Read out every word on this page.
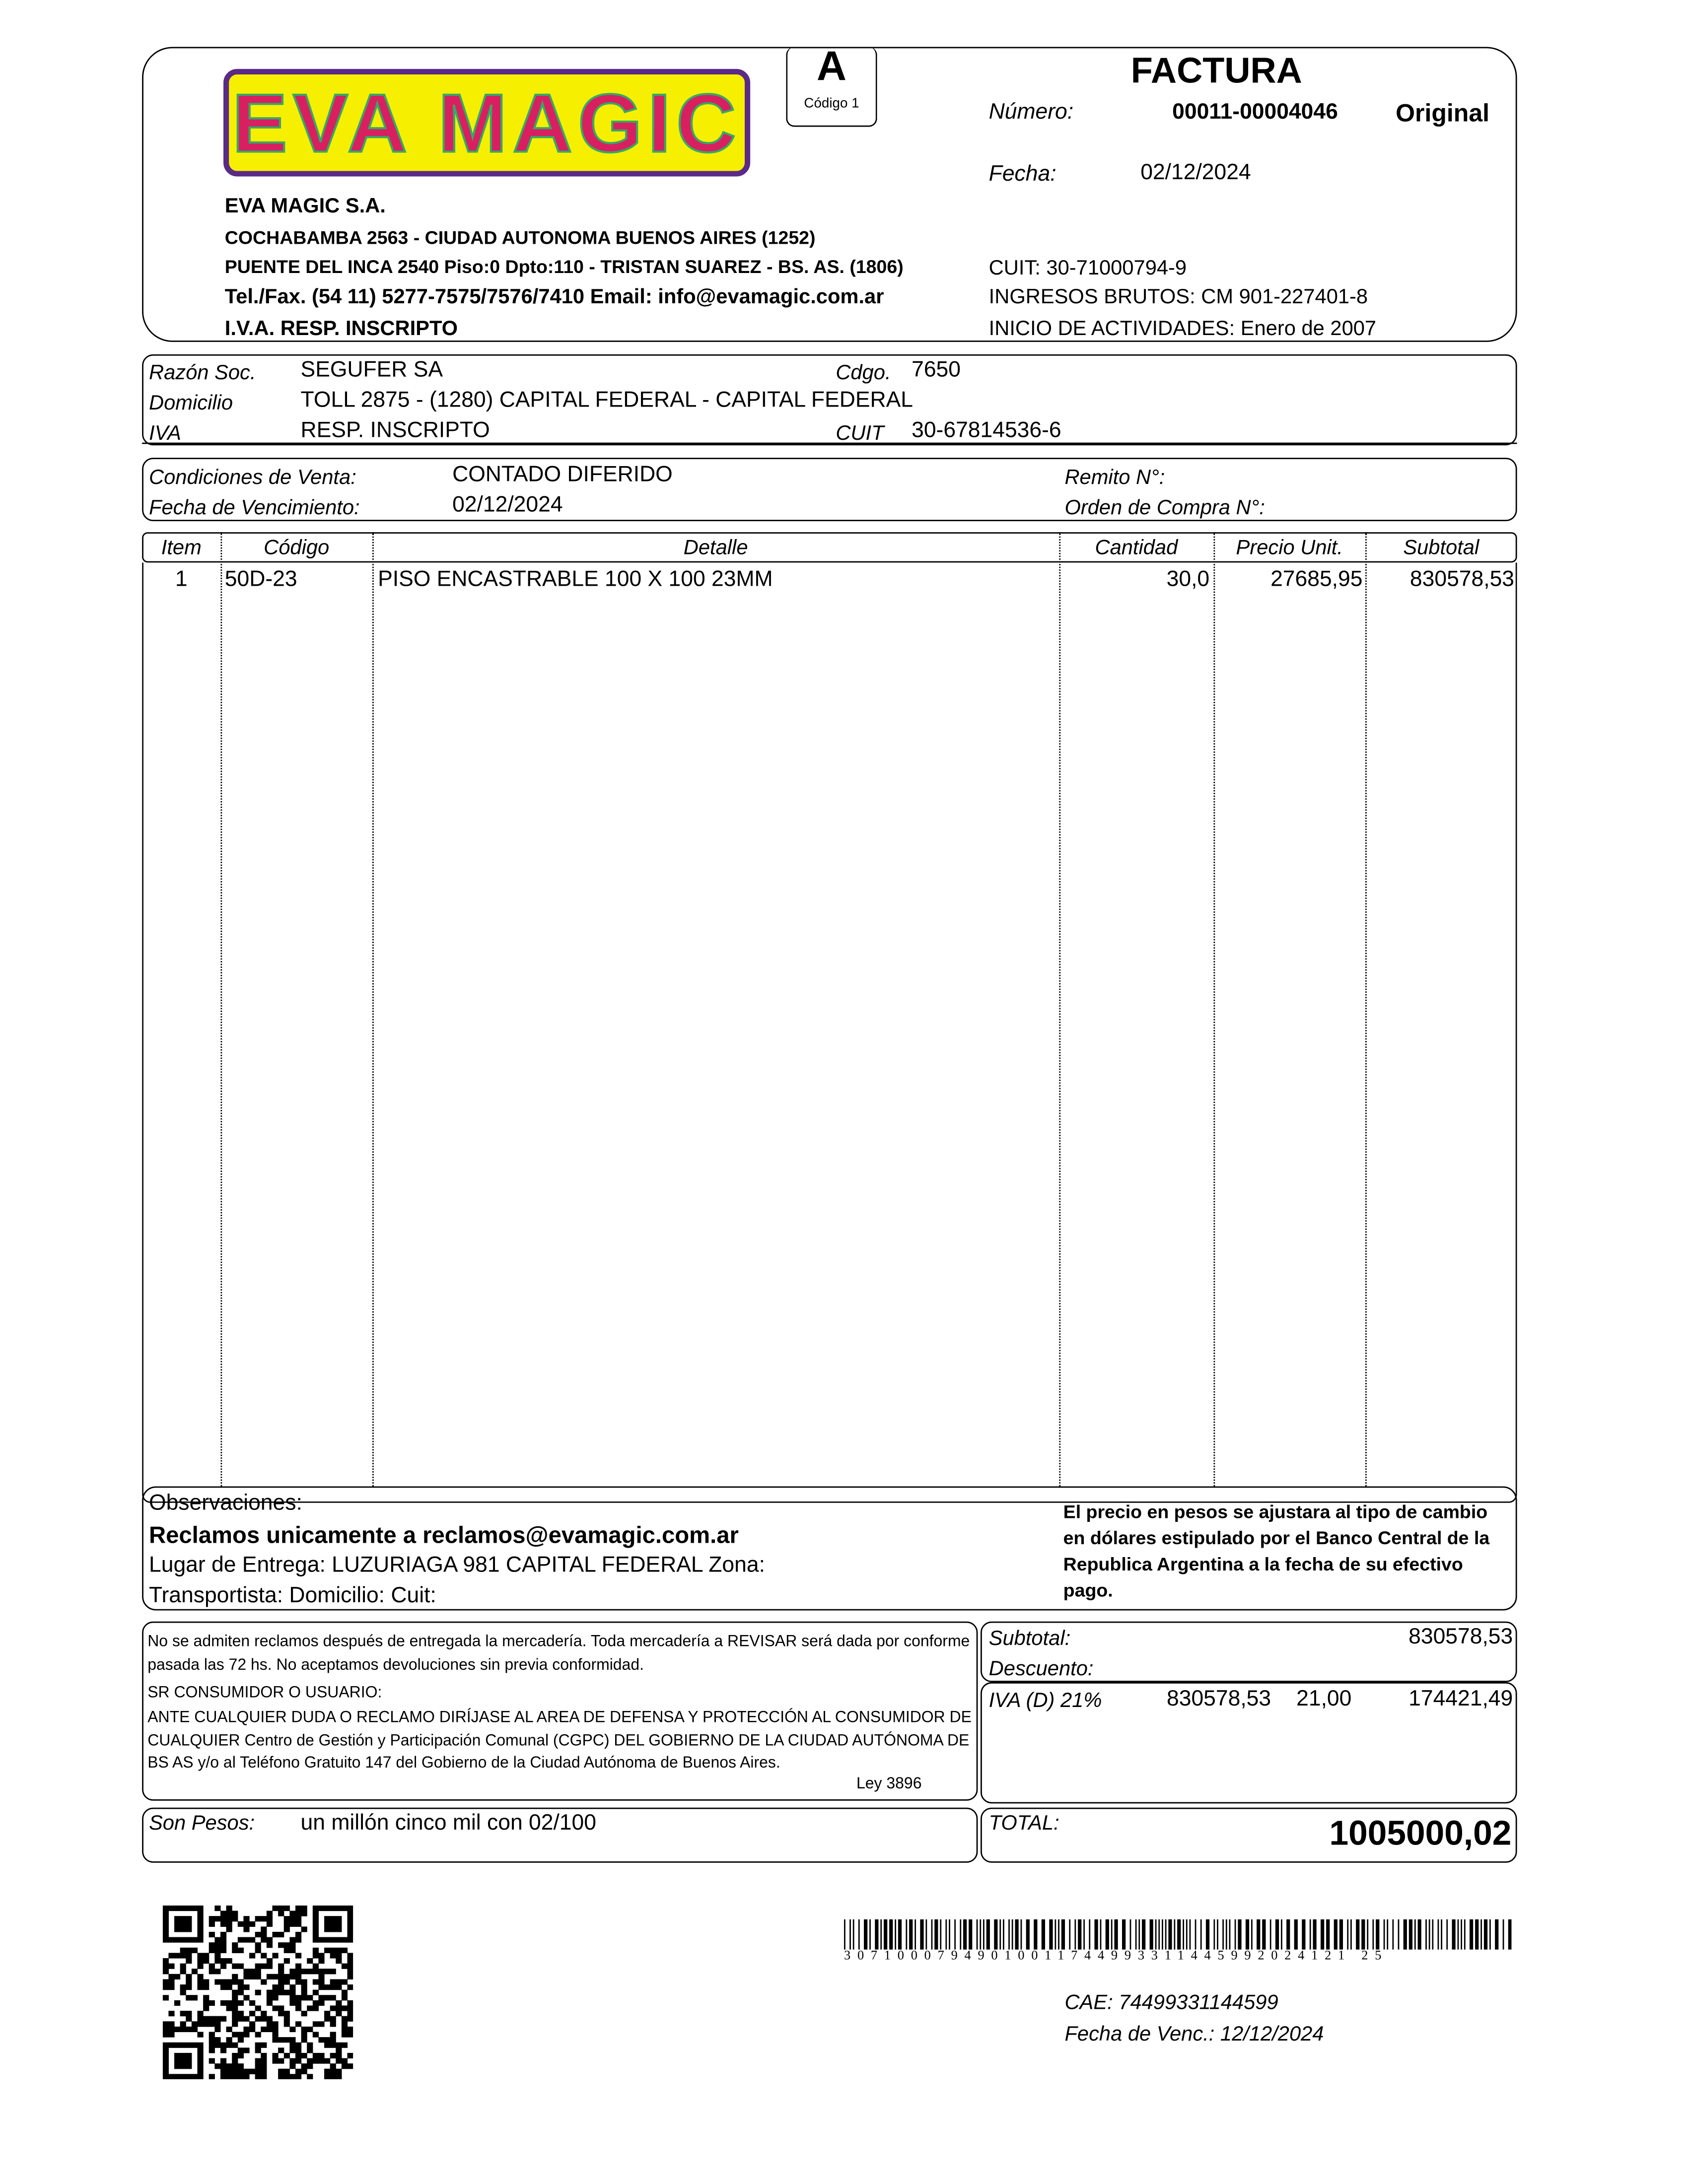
EVA MAGIC
A
Código 1
FACTURA
Número:	00011-00004046	Original
Fecha:	02/12/2024
EVA MAGIC S.A.
COCHABAMBA 2563 - CIUDAD AUTONOMA BUENOS AIRES (1252)
PUENTE DEL INCA 2540 Piso:0 Dpto:110 - TRISTAN SUAREZ - BS. AS. (1806)
Tel./Fax. (54 11) 5277-7575/7576/7410 Email: info@evamagic.com.ar
I.V.A. RESP. INSCRIPTO
CUIT: 30-71000794-9
INGRESOS BRUTOS: CM 901-227401-8
INICIO DE ACTIVIDADES: Enero de 2007
Razón Soc.	SEGUFER SA	Cdgo.	7650
Domicilio	TOLL 2875 - (1280) CAPITAL FEDERAL - CAPITAL FEDERAL
IVA	RESP. INSCRIPTO	CUIT	30-67814536-6
Condiciones de Venta:	CONTADO DIFERIDO
Fecha de Vencimiento:	02/12/2024
Remito N°:
Orden de Compra N°:
Item	Código	Detalle	Cantidad	Precio Unit.	Subtotal
1	50D-23	PISO ENCASTRABLE 100 X 100 23MM	30,0	27685,95	830578,53
Observaciones:
Reclamos unicamente a reclamos@evamagic.com.ar
Lugar de Entrega: LUZURIAGA 981 CAPITAL FEDERAL Zona:
Transportista: Domicilio: Cuit:
El precio en pesos se ajustara al tipo de cambio en dólares estipulado por el Banco Central de la Republica Argentina a la fecha de su efectivo pago.
No se admiten reclamos después de entregada la mercadería. Toda mercadería a REVISAR será dada por conforme pasada las 72 hs. No aceptamos devoluciones sin previa conformidad.
SR CONSUMIDOR O USUARIO:
ANTE CUALQUIER DUDA O RECLAMO DIRÍJASE AL AREA DE DEFENSA Y PROTECCIÓN AL CONSUMIDOR DE CUALQUIER Centro de Gestión y Participación Comunal (CGPC) DEL GOBIERNO DE LA CIUDAD AUTÓNOMA DE BS AS y/o al Teléfono Gratuito 147 del Gobierno de la Ciudad Autónoma de Buenos Aires.
Ley 3896
Subtotal:	830578,53
Descuento:
IVA (D) 21%	830578,53	21,00	174421,49
Son Pesos:	un millón cinco mil con 02/100	TOTAL:	1005000,02
30710007949010011744993311445992024121 25
CAE: 74499331144599
Fecha de Venc.: 12/12/2024
